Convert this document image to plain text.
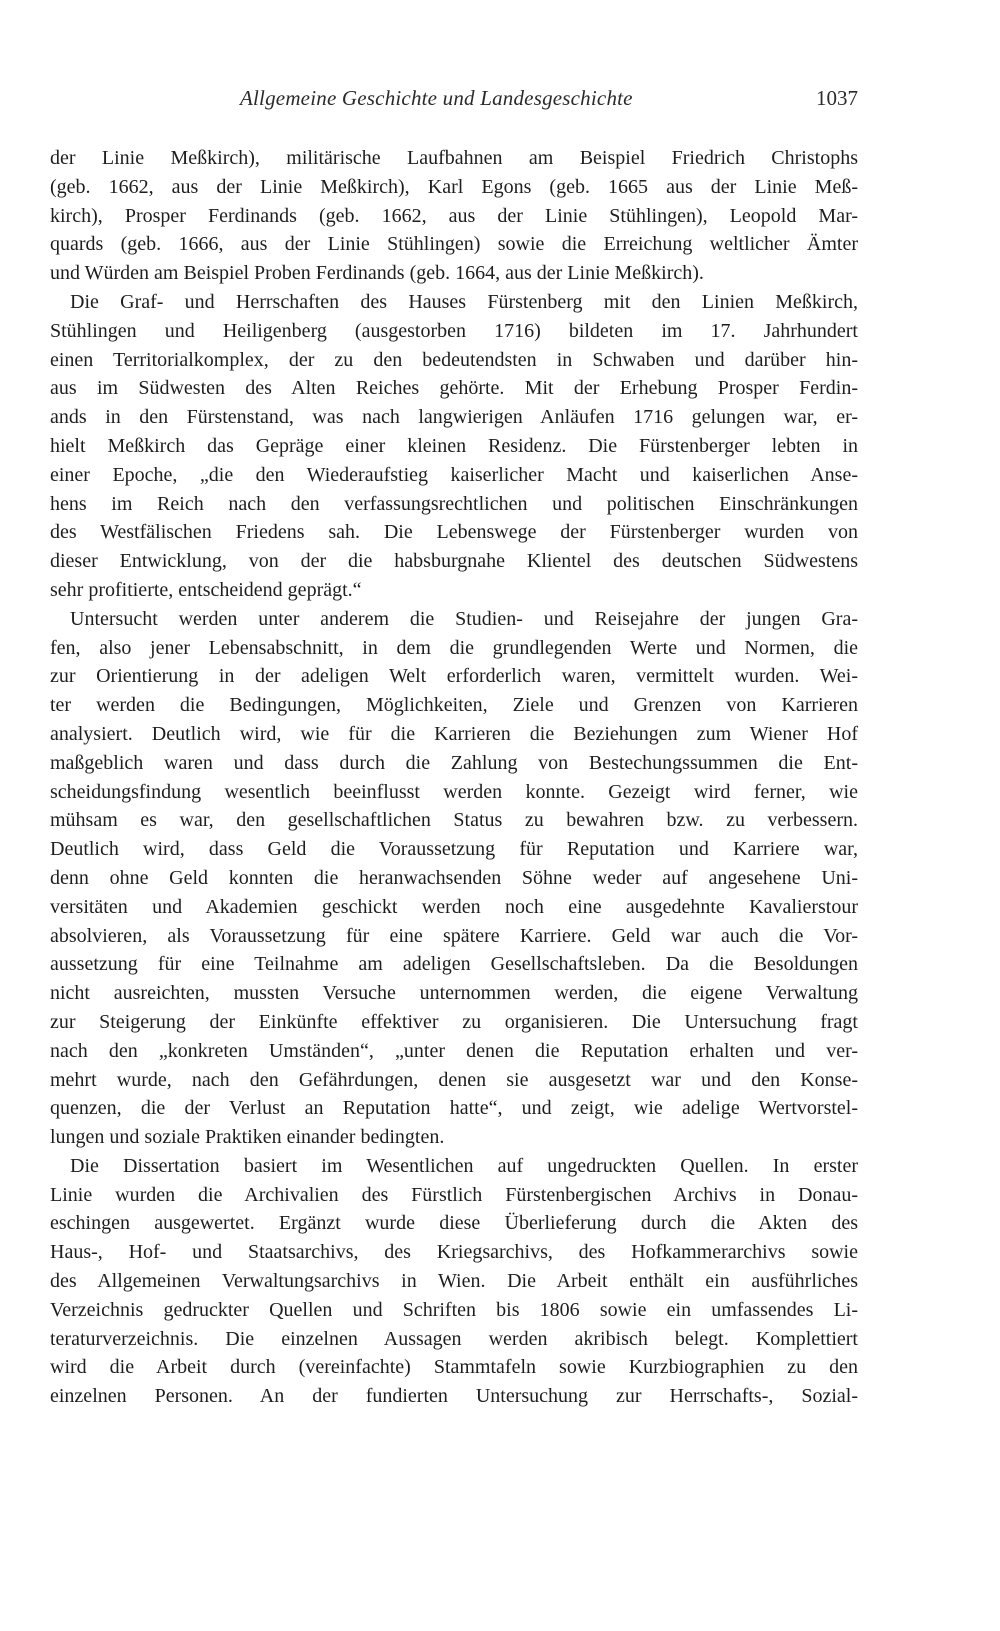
Allgemeine Geschichte und Landesgeschichte	1037
der Linie Meßkirch), militärische Laufbahnen am Beispiel Friedrich Christophs
(geb. 1662, aus der Linie Meßkirch), Karl Egons (geb. 1665 aus der Linie Meß-
kirch), Prosper Ferdinands (geb. 1662, aus der Linie Stühlingen), Leopold Mar-
quards (geb. 1666, aus der Linie Stühlingen) sowie die Erreichung weltlicher Ämter
und Würden am Beispiel Proben Ferdinands (geb. 1664, aus der Linie Meßkirch).
Die Graf- und Herrschaften des Hauses Fürstenberg mit den Linien Meßkirch,
Stühlingen und Heiligenberg (ausgestorben 1716) bildeten im 17. Jahrhundert
einen Territorialkomplex, der zu den bedeutendsten in Schwaben und darüber hin-
aus im Südwesten des Alten Reiches gehörte. Mit der Erhebung Prosper Ferdin-
ands in den Fürstenstand, was nach langwierigen Anläufen 1716 gelungen war, er-
hielt Meßkirch das Gepräge einer kleinen Residenz. Die Fürstenberger lebten in
einer Epoche, „die den Wiederaufstieg kaiserlicher Macht und kaiserlichen Anse-
hens im Reich nach den verfassungsrechtlichen und politischen Einschränkungen
des Westfälischen Friedens sah. Die Lebenswege der Fürstenberger wurden von
dieser Entwicklung, von der die habsburgnahe Klientel des deutschen Südwestens
sehr profitierte, entscheidend geprägt.“
Untersucht werden unter anderem die Studien- und Reisejahre der jungen Gra-
fen, also jener Lebensabschnitt, in dem die grundlegenden Werte und Normen, die
zur Orientierung in der adeligen Welt erforderlich waren, vermittelt wurden. Wei-
ter werden die Bedingungen, Möglichkeiten, Ziele und Grenzen von Karrieren
analysiert. Deutlich wird, wie für die Karrieren die Beziehungen zum Wiener Hof
maßgeblich waren und dass durch die Zahlung von Bestechungssummen die Ent-
scheidungsfindung wesentlich beeinflusst werden konnte. Gezeigt wird ferner, wie
mühsam es war, den gesellschaftlichen Status zu bewahren bzw. zu verbessern.
Deutlich wird, dass Geld die Voraussetzung für Reputation und Karriere war,
denn ohne Geld konnten die heranwachsenden Söhne weder auf angesehene Uni-
versitäten und Akademien geschickt werden noch eine ausgedehnte Kavalierstour
absolvieren, als Voraussetzung für eine spätere Karriere. Geld war auch die Vor-
aussetzung für eine Teilnahme am adeligen Gesellschaftsleben. Da die Besoldungen
nicht ausreichten, mussten Versuche unternommen werden, die eigene Verwaltung
zur Steigerung der Einkünfte effektiver zu organisieren. Die Untersuchung fragt
nach den „konkreten Umständen“, „unter denen die Reputation erhalten und ver-
mehrt wurde, nach den Gefährdungen, denen sie ausgesetzt war und den Konse-
quenzen, die der Verlust an Reputation hatte“, und zeigt, wie adelige Wertvorstel-
lungen und soziale Praktiken einander bedingten.
Die Dissertation basiert im Wesentlichen auf ungedruckten Quellen. In erster
Linie wurden die Archivalien des Fürstlich Fürstenbergischen Archivs in Donau-
eschingen ausgewertet. Ergänzt wurde diese Überlieferung durch die Akten des
Haus-, Hof- und Staatsarchivs, des Kriegsarchivs, des Hofkammerarchivs sowie
des Allgemeinen Verwaltungsarchivs in Wien. Die Arbeit enthält ein ausführliches
Verzeichnis gedruckter Quellen und Schriften bis 1806 sowie ein umfassendes Li-
teraturverzeichnis. Die einzelnen Aussagen werden akribisch belegt. Komplettiert
wird die Arbeit durch (vereinfachte) Stammtafeln sowie Kurzbiographien zu den
einzelnen Personen. An der fundierten Untersuchung zur Herrschafts-, Sozial-
